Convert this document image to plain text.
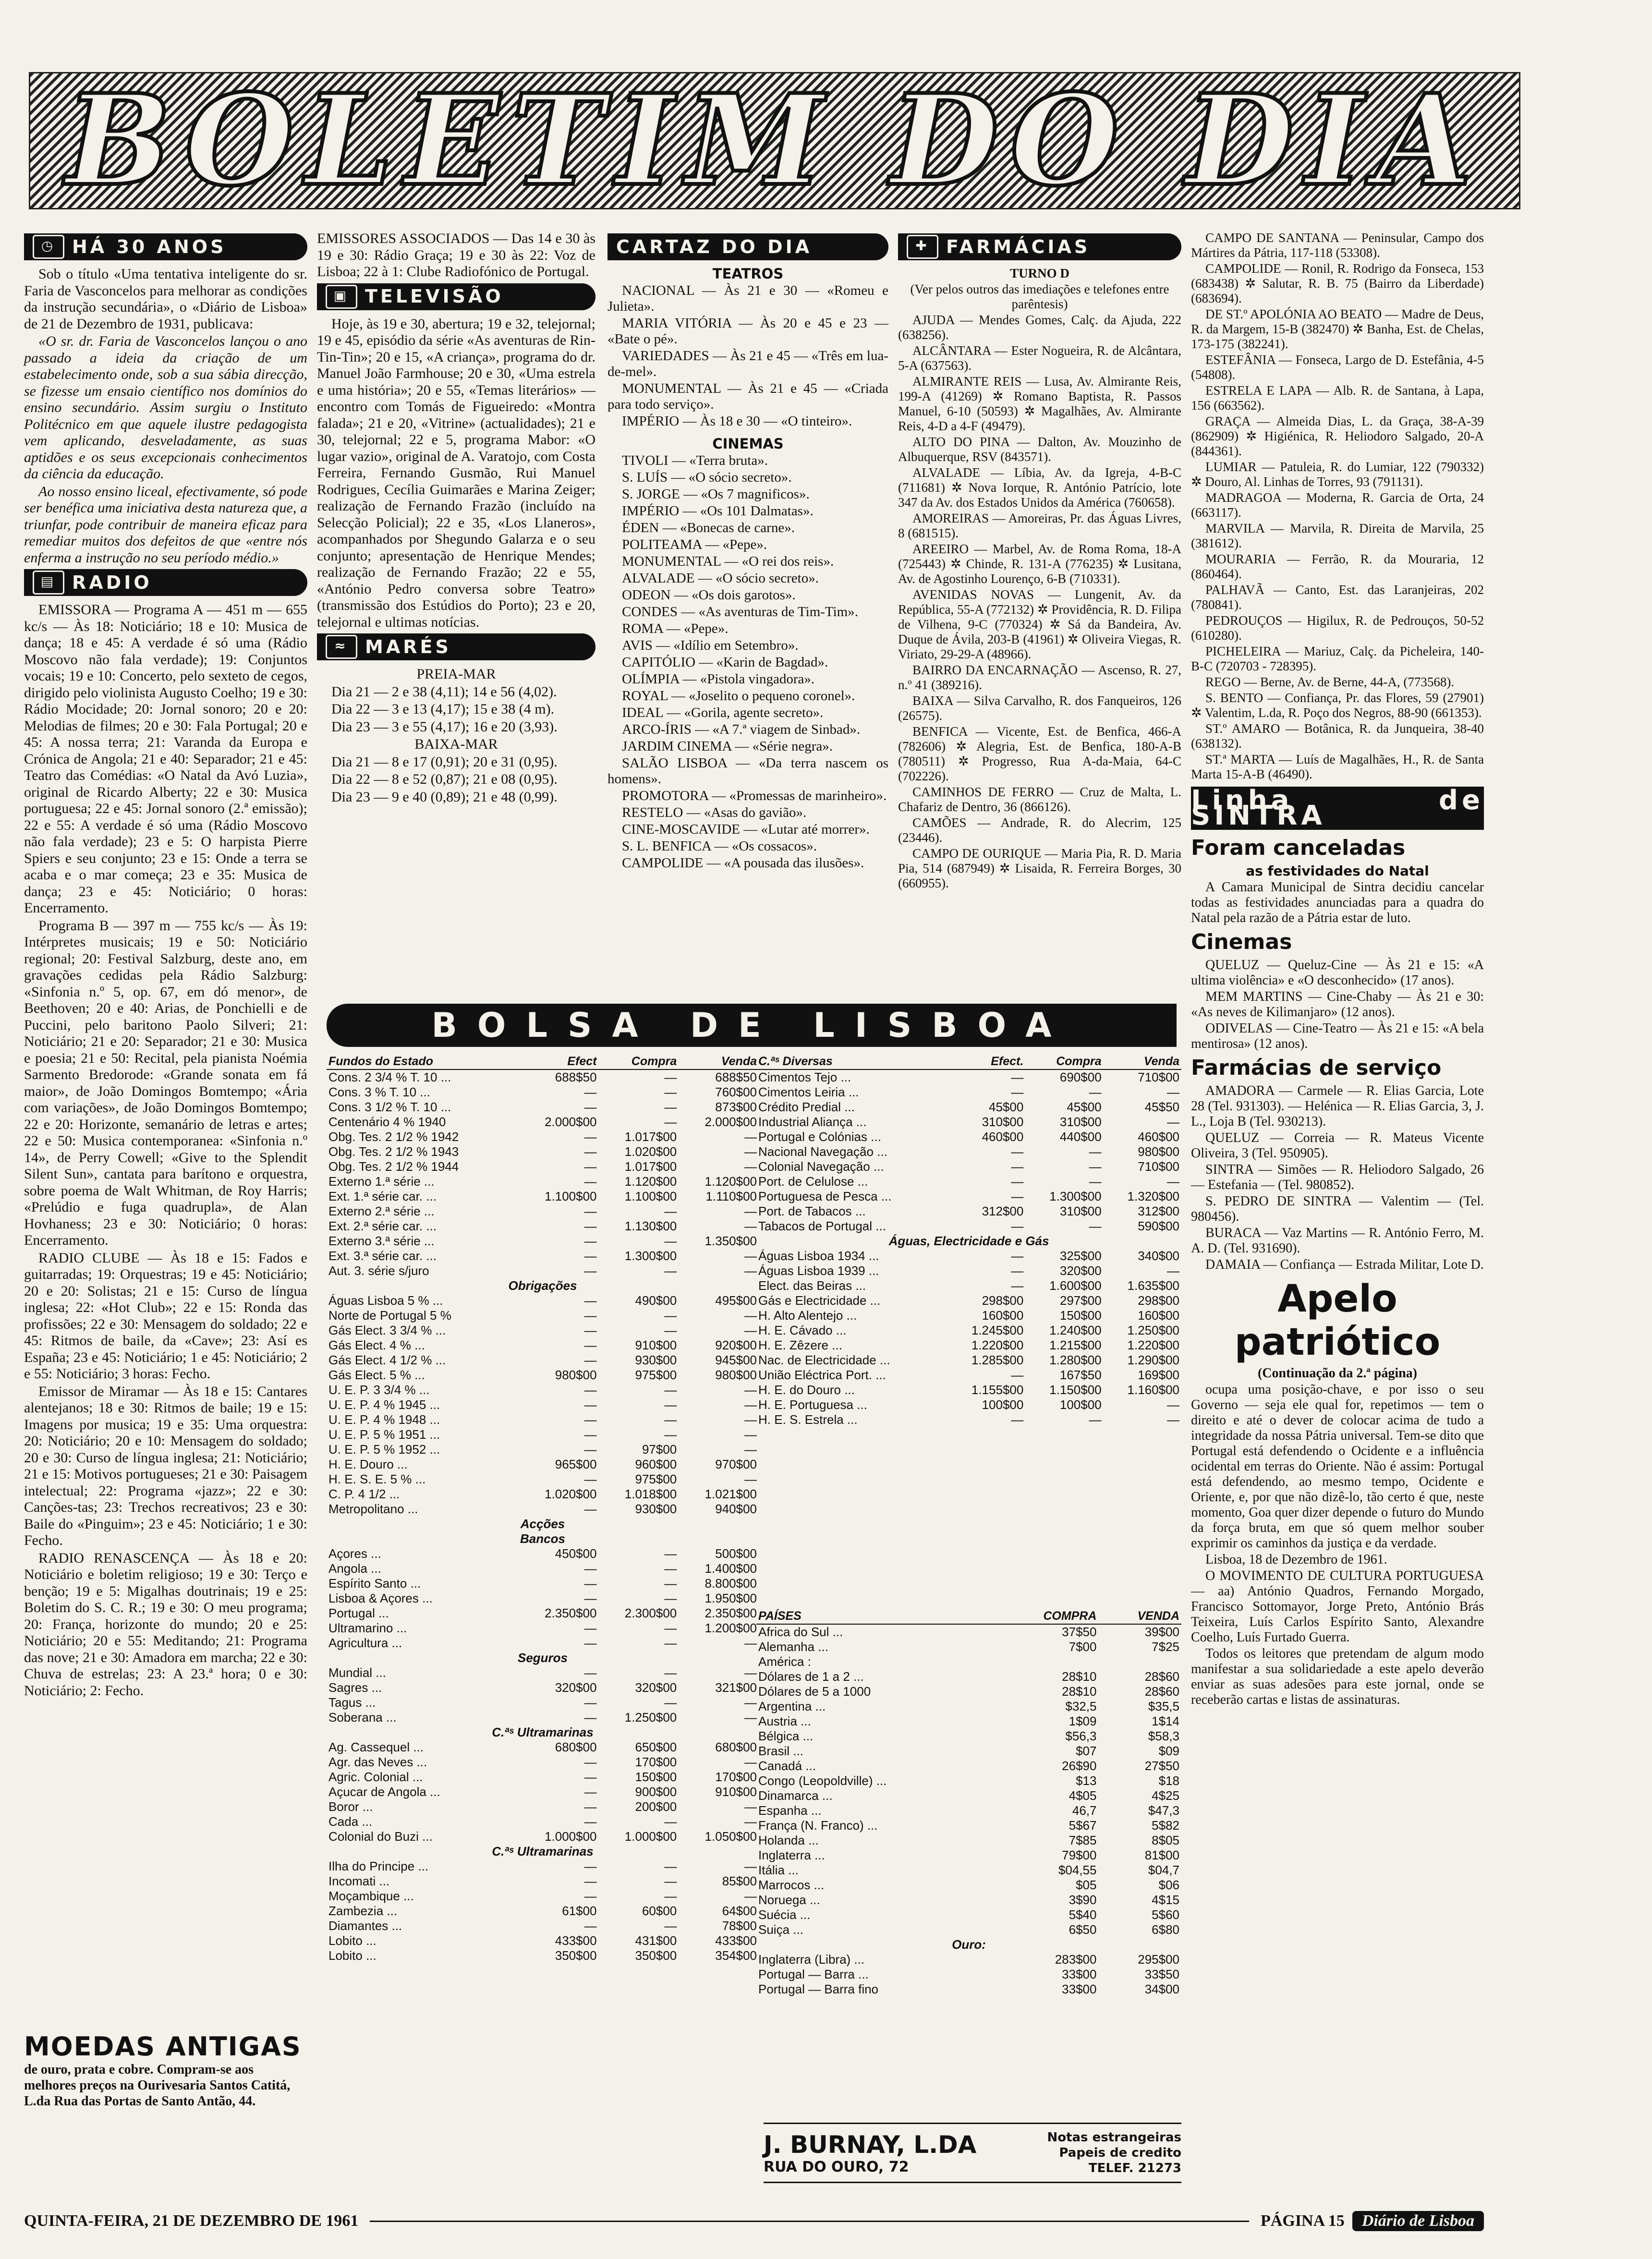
BOLETIM DO DIA
◷ HÁ 30 ANOS

Sob o título «Uma tentativa inteligente do sr. Faria de Vasconcelos para melhorar as condições da instrução secundária», o «Diário de Lisboa» de 21 de Dezembro de 1931, publicava:

«O sr. dr. Faria de Vasconcelos lançou o ano passado a ideia da criação de um estabelecimento onde, sob a sua sábia direcção, se fizesse um ensaio científico nos domínios do ensino secundário. Assim surgiu o Instituto Politécnico em que aquele ilustre pedagogista vem aplicando, desveladamente, as suas aptidões e os seus excepcionais conhecimentos da ciência da educação.

Ao nosso ensino liceal, efectivamente, só pode ser benéfica uma iniciativa desta natureza que, a triunfar, pode contribuir de maneira eficaz para remediar muitos dos defeitos de que «entre nós enferma a instrução no seu período médio.»

▤ RADIO

EMISSORA — Programa A — 451 m — 655 kc/s — Às 18: Noticiário; 18 e 10: Musica de dança; 18 e 45: A verdade é só uma (Rádio Moscovo não fala verdade); 19: Conjuntos vocais; 19 e 10: Concerto, pelo sexteto de cegos, dirigido pelo violinista Augusto Coelho; 19 e 30: Rádio Mocidade; 20: Jornal sonoro; 20 e 20: Melodias de filmes; 20 e 30: Fala Portugal; 20 e 45: A nossa terra; 21: Varanda da Europa e Crónica de Angola; 21 e 40: Separador; 21 e 45: Teatro das Comédias: «O Natal da Avó Luzia», original de Ricardo Alberty; 22 e 30: Musica portuguesa; 22 e 45: Jornal sonoro (2.ª emissão); 22 e 55: A verdade é só uma (Rádio Moscovo não fala verdade); 23 e 5: O harpista Pierre Spiers e seu conjunto; 23 e 15: Onde a terra se acaba e o mar começa; 23 e 35: Musica de dança; 23 e 45: Noticiário; 0 horas: Encerramento.

Programa B — 397 m — 755 kc/s — Às 19: Intérpretes musicais; 19 e 50: Noticiário regional; 20: Festival Salzburg, deste ano, em gravações cedidas pela Rádio Salzburg: «Sinfonia n.º 5, op. 67, em dó menor», de Beethoven; 20 e 40: Arias, de Ponchielli e de Puccini, pelo baritono Paolo Silveri; 21: Noticiário; 21 e 20: Separador; 21 e 30: Musica e poesia; 21 e 50: Recital, pela pianista Noémia Sarmento Bredorode: «Grande sonata em fá maior», de João Domingos Bomtempo; «Ária com variações», de João Domingos Bomtempo; 22 e 20: Horizonte, semanário de letras e artes; 22 e 50: Musica contemporanea: «Sinfonia n.º 14», de Perry Cowell; «Give to the Splendit Silent Sun», cantata para barítono e orquestra, sobre poema de Walt Whitman, de Roy Harris; «Prelúdio e fuga quadrupla», de Alan Hovhaness; 23 e 30: Noticiário; 0 horas: Encerramento.

RADIO CLUBE — Às 18 e 15: Fados e guitarradas; 19: Orquestras; 19 e 45: Noticiário; 20 e 20: Solistas; 21 e 15: Curso de língua inglesa; 22: «Hot Club»; 22 e 15: Ronda das profissões; 22 e 30: Mensagem do soldado; 22 e 45: Ritmos de baile, da «Cave»; 23: Así es España; 23 e 45: Noticiário; 1 e 45: Noticiário; 2 e 55: Noticiário; 3 horas: Fecho.

Emissor de Miramar — Às 18 e 15: Cantares alentejanos; 18 e 30: Ritmos de baile; 19 e 15: Imagens por musica; 19 e 35: Uma orquestra: 20: Noticiário; 20 e 10: Mensagem do soldado; 20 e 30: Curso de língua inglesa; 21: Noticiário; 21 e 15: Motivos portugueses; 21 e 30: Paisagem intelectual; 22: Programa «jazz»; 22 e 30: Canções-tas; 23: Trechos recreativos; 23 e 30: Baile do «Pinguim»; 23 e 45: Noticiário; 1 e 30: Fecho.

RADIO RENASCENÇA — Às 18 e 20: Noticiário e boletim religioso; 19 e 30: Terço e benção; 19 e 5: Migalhas doutrinais; 19 e 25: Boletim do S. C. R.; 19 e 30: O meu programa; 20: França, horizonte do mundo; 20 e 25: Noticiário; 20 e 55: Meditando; 21: Programa das nove; 21 e 30: Amadora em marcha; 22 e 30: Chuva de estrelas; 23: A 23.ª hora; 0 e 30: Noticiário; 2: Fecho.

MOEDAS ANTIGAS
de ouro, prata e cobre. Compram-se aos melhores preços na Ourivesaria Santos Catitá, L.da Rua das Portas de Santo Antão, 44.

EMISSORES ASSOCIADOS — Das 14 e 30 às 19 e 30: Rádio Graça; 19 e 30 às 22: Voz de Lisboa; 22 à 1: Clube Radiofónico de Portugal.

▣ TELEVISÃO

Hoje, às 19 e 30, abertura; 19 e 32, telejornal; 19 e 45, episódio da série «As aventuras de Rin-Tin-Tin»; 20 e 15, «A criança», programa do dr. Manuel João Farmhouse; 20 e 30, «Uma estrela e uma história»; 20 e 55, «Temas literários» — encontro com Tomás de Figueiredo: «Montra falada»; 21 e 20, «Vitrine» (actualidades); 21 e 30, telejornal; 22 e 5, programa Mabor: «O lugar vazio», original de A. Varatojo, com Costa Ferreira, Fernando Gusmão, Rui Manuel Rodrigues, Cecília Guimarães e Marina Zeiger; realização de Fernando Frazão (incluído na Selecção Policial); 22 e 35, «Los Llaneros», acompanhados por Shegundo Galarza e o seu conjunto; apresentação de Henrique Mendes; realização de Fernando Frazão; 22 e 55, «António Pedro conversa sobre Teatro» (transmissão dos Estúdios do Porto); 23 e 20, telejornal e ultimas notícias.

≈ MARÉS

PREIA-MAR

Dia 21 — 2 e 38 (4,11); 14 e 56 (4,02).

Dia 22 — 3 e 13 (4,17); 15 e 38 (4 m).

Dia 23 — 3 e 55 (4,17); 16 e 20 (3,93).

BAIXA-MAR

Dia 21 — 8 e 17 (0,91); 20 e 31 (0,95).

Dia 22 — 8 e 52 (0,87); 21 e 08 (0,95).

Dia 23 — 9 e 40 (0,89); 21 e 48 (0,99).

CARTAZ DO DIA

TEATROS

NACIONAL — Às 21 e 30 — «Romeu e Julieta».

MARIA VITÓRIA — Às 20 e 45 e 23 — «Bate o pé».

VARIEDADES — Às 21 e 45 — «Três em lua-de-mel».

MONUMENTAL — Às 21 e 45 — «Criada para todo serviço».

IMPÉRIO — Às 18 e 30 — «O tinteiro».

CINEMAS

TIVOLI — «Terra bruta».

S. LUÍS — «O sócio secreto».

S. JORGE — «Os 7 magnificos».

IMPÉRIO — «Os 101 Dalmatas».

ÉDEN — «Bonecas de carne».

POLITEAMA — «Pepe».

MONUMENTAL — «O rei dos reis».

ALVALADE — «O sócio secreto».

ODEON — «Os dois garotos».

CONDES — «As aventuras de Tim-Tim».

ROMA — «Pepe».

AVIS — «Idílio em Setembro».

CAPITÓLIO — «Karin de Bagdad».

OLÍMPIA — «Pistola vingadora».

ROYAL — «Joselito o pequeno coronel».

IDEAL — «Gorila, agente secreto».

ARCO-ÍRIS — «A 7.ª viagem de Sinbad».

JARDIM CINEMA — «Série negra».

SALÃO LISBOA — «Da terra nascem os homens».

PROMOTORA — «Promessas de marinheiro».

RESTELO — «Asas do gavião».

CINE-MOSCAVIDE — «Lutar até morrer».

S. L. BENFICA — «Os cossacos».

CAMPOLIDE — «A pousada das ilusões».

✚ FARMÁCIAS

TURNO D

(Ver pelos outros das imediações e telefones entre parêntesis)

AJUDA — Mendes Gomes, Calç. da Ajuda, 222 (638256).

ALCÂNTARA — Ester Nogueira, R. de Alcântara, 5-A (637563).

ALMIRANTE REIS — Lusa, Av. Almirante Reis, 199-A (41269) ✲ Romano Baptista, R. Passos Manuel, 6-10 (50593) ✲ Magalhães, Av. Almirante Reis, 4-D a 4-F (49479).

ALTO DO PINA — Dalton, Av. Mouzinho de Albuquerque, RSV (843571).

ALVALADE — Líbia, Av. da Igreja, 4-B-C (711681) ✲ Nova Iorque, R. António Patrício, lote 347 da Av. dos Estados Unidos da América (760658).

AMOREIRAS — Amoreiras, Pr. das Águas Livres, 8 (681515).

AREEIRO — Marbel, Av. de Roma Roma, 18-A (725443) ✲ Chinde, R. 131-A (776235) ✲ Lusitana, Av. de Agostinho Lourenço, 6-B (710331).

AVENIDAS NOVAS — Lungenit, Av. da República, 55-A (772132) ✲ Providência, R. D. Filipa de Vilhena, 9-C (770324) ✲ Sá da Bandeira, Av. Duque de Ávila, 203-B (41961) ✲ Oliveira Viegas, R. Viriato, 29-29-A (48966).

BAIRRO DA ENCARNAÇÃO — Ascenso, R. 27, n.º 41 (389216).

BAIXA — Silva Carvalho, R. dos Fanqueiros, 126 (26575).

BENFICA — Vicente, Est. de Benfica, 466-A (782606) ✲ Alegria, Est. de Benfica, 180-A-B (780511) ✲ Progresso, Rua A-da-Maia, 64-C (702226).

CAMINHOS DE FERRO — Cruz de Malta, L. Chafariz de Dentro, 36 (866126).

CAMÕES — Andrade, R. do Alecrim, 125 (23446).

CAMPO DE OURIQUE — Maria Pia, R. D. Maria Pia, 514 (687949) ✲ Lisaida, R. Ferreira Borges, 30 (660955).

CAMPO DE SANTANA — Peninsular, Campo dos Mártires da Pátria, 117-118 (53308).

CAMPOLIDE — Ronil, R. Rodrigo da Fonseca, 153 (683438) ✲ Salutar, R. B. 75 (Bairro da Liberdade) (683694).

DE ST.º APOLÓNIA AO BEATO — Madre de Deus, R. da Margem, 15-B (382470) ✲ Banha, Est. de Chelas, 173-175 (382241).

ESTEFÂNIA — Fonseca, Largo de D. Estefânia, 4-5 (54808).

ESTRELA E LAPA — Alb. R. de Santana, à Lapa, 156 (663562).

GRAÇA — Almeida Dias, L. da Graça, 38-A-39 (862909) ✲ Higiénica, R. Heliodoro Salgado, 20-A (844361).

LUMIAR — Patuleia, R. do Lumiar, 122 (790332) ✲ Douro, Al. Linhas de Torres, 93 (791131).

MADRAGOA — Moderna, R. Garcia de Orta, 24 (663117).

MARVILA — Marvila, R. Direita de Marvila, 25 (381612).

MOURARIA — Ferrão, R. da Mouraria, 12 (860464).

PALHAVÃ — Canto, Est. das Laranjeiras, 202 (780841).

PEDROUÇOS — Higilux, R. de Pedrouços, 50-52 (610280).

PICHELEIRA — Mariuz, Calç. da Picheleira, 140-B-C (720703 - 728395).

REGO — Berne, Av. de Berne, 44-A, (773568).

S. BENTO — Confiança, Pr. das Flores, 59 (27901) ✲ Valentim, L.da, R. Poço dos Negros, 88-90 (661353).

ST.º AMARO — Botânica, R. da Junqueira, 38-40 (638132).

ST.ª MARTA — Luís de Magalhães, H., R. de Santa Marta 15-A-B (46490).

Linha de SINTRA
Foram canceladas

as festividades do Natal

A Camara Municipal de Sintra decidiu cancelar todas as festividades anunciadas para a quadra do Natal pela razão de a Pátria estar de luto.

Cinemas

QUELUZ — Queluz-Cine — Às 21 e 15: «A ultima violência» e «O desconhecido» (17 anos).

MEM MARTINS — Cine-Chaby — Às 21 e 30: «As neves de Kilimanjaro» (12 anos).

ODIVELAS — Cine-Teatro — Às 21 e 15: «A bela mentirosa» (12 anos).

Farmácias de serviço

AMADORA — Carmele — R. Elias Garcia, Lote 28 (Tel. 931303). — Helénica — R. Elias Garcia, 3, J. L., Loja B (Tel. 930213).

QUELUZ — Correia — R. Mateus Vicente Oliveira, 3 (Tel. 950905).

SINTRA — Simões — R. Heliodoro Salgado, 26 — Estefania — (Tel. 980852).

S. PEDRO DE SINTRA — Valentim — (Tel. 980456).

BURACA — Vaz Martins — R. António Ferro, M. A. D. (Tel. 931690).

DAMAIA — Confiança — Estrada Militar, Lote D.

Apelo patriótico

(Continuação da 2.ª página)

ocupa uma posição-chave, e por isso o seu Governo — seja ele qual for, repetimos — tem o direito e até o dever de colocar acima de tudo a integridade da nossa Pátria universal. Tem-se dito que Portugal está defendendo o Ocidente e a influência ocidental em terras do Oriente. Não é assim: Portugal está defendendo, ao mesmo tempo, Ocidente e Oriente, e, por que não dizê-lo, tão certo é que, neste momento, Goa quer dizer depende o futuro do Mundo da força bruta, em que só quem melhor souber exprimir os caminhos da justiça e da verdade.

Lisboa, 18 de Dezembro de 1961.

O MOVIMENTO DE CULTURA PORTUGUESA — aa) António Quadros, Fernando Morgado, Francisco Sottomayor, Jorge Preto, António Brás Teixeira, Luís Carlos Espírito Santo, Alexandre Coelho, Luís Furtado Guerra.

Todos os leitores que pretendam de algum modo manifestar a sua solidariedade a este apelo deverão enviar as suas adesões para este jornal, onde se receberão cartas e listas de assinaturas.

BOLSA DE LISBOA
Fundos do Estado	Efect	Compra	Venda
Cons. 2 3/4 % T. 10 ...	688$50	—	688$50
Cons. 3 % T. 10 ...	—	—	760$00
Cons. 3 1/2 % T. 10 ...	—	—	873$00
Centenário 4 % 1940	2.000$00	—	2.000$00
Obg. Tes. 2 1/2 % 1942	—	1.017$00	—
Obg. Tes. 2 1/2 % 1943	—	1.020$00	—
Obg. Tes. 2 1/2 % 1944	—	1.017$00	—
Externo 1.ª série ...	—	1.120$00	1.120$00
Ext. 1.ª série car. ...	1.100$00	1.100$00	1.110$00
Externo 2.ª série ...	—	—	—
Ext. 2.ª série car. ...	—	1.130$00	—
Externo 3.ª série ...	—	—	1.350$00
Ext. 3.ª série car. ...	—	1.300$00	—
Aut. 3. série s/juro	—	—	—
Obrigações			
Águas Lisboa 5 % ...	—	490$00	495$00
Norte de Portugal 5 %	—	—	—
Gás Elect. 3 3/4 % ...	—	—	—
Gás Elect. 4 % ...	—	910$00	920$00
Gás Elect. 4 1/2 % ...	—	930$00	945$00
Gás Elect. 5 % ...	980$00	975$00	980$00
U. E. P. 3 3/4 % ...	—	—	—
U. E. P. 4 % 1945 ...	—	—	—
U. E. P. 4 % 1948 ...	—	—	—
U. E. P. 5 % 1951 ...	—	—	—
U. E. P. 5 % 1952 ...	—	97$00	—
H. E. Douro ...	965$00	960$00	970$00
H. E. S. E. 5 % ...	—	975$00	—
C. P. 4 1/2 ...	1.020$00	1.018$00	1.021$00
Metropolitano ...	—	930$00	940$00
Acções			
Bancos			
Açores ...	450$00	—	500$00
Angola ...	—	—	1.400$00
Espírito Santo ...	—	—	8.800$00
Lisboa & Açores ...	—	—	1.950$00
Portugal ...	2.350$00	2.300$00	2.350$00
Ultramarino ...	—	—	1.200$00
Agricultura ...	—	—	—
Seguros			
Mundial ...	—	—	—
Sagres ...	320$00	320$00	321$00
Tagus ...	—	—	—
Soberana ...	—	1.250$00	—
C.ªˢ Ultramarinas			
Ag. Cassequel ...	680$00	650$00	680$00
Agr. das Neves ...	—	170$00	—
Agric. Colonial ...	—	150$00	170$00
Açucar de Angola ...	—	900$00	910$00
Boror ...	—	200$00	—
Cada ...	—	—	—
Colonial do Buzi ...	1.000$00	1.000$00	1.050$00
C.ªˢ Ultramarinas			
Ilha do Principe ...	—	—	—
Incomati ...	—	—	85$00
Moçambique ...	—	—	—
Zambezia ...	61$00	60$00	64$00
Diamantes ...	—	—	78$00
Lobito ...	433$00	431$00	433$00
Lobito ...	350$00	350$00	354$00
C.ªˢ Diversas	Efect.	Compra	Venda
Cimentos Tejo ...	—	690$00	710$00
Cimentos Leiria ...	—	—	—
Crédito Predial ...	45$00	45$00	45$50
Industrial Aliança ...	310$00	310$00	—
Portugal e Colónias ...	460$00	440$00	460$00
Nacional Navegação ...	—	—	980$00
Colonial Navegação ...	—	—	710$00
Port. de Celulose ...	—	—	—
Portuguesa de Pesca ...	—	1.300$00	1.320$00
Port. de Tabacos ...	312$00	310$00	312$00
Tabacos de Portugal ...	—	—	590$00
Águas, Electricidade e Gás			
Águas Lisboa 1934 ...	—	325$00	340$00
Águas Lisboa 1939 ...	—	320$00	—
Elect. das Beiras ...	—	1.600$00	1.635$00
Gás e Electricidade ...	298$00	297$00	298$00
H. Alto Alentejo ...	160$00	150$00	160$00
H. E. Cávado ...	1.245$00	1.240$00	1.250$00
H. E. Zêzere ...	1.220$00	1.215$00	1.220$00
Nac. de Electricidade ...	1.285$00	1.280$00	1.290$00
União Eléctrica Port. ...	—	167$50	169$00
H. E. do Douro ...	1.155$00	1.150$00	1.160$00
H. E. Portuguesa ...	100$00	100$00	—
H. E. S. Estrela ...	—	—	—
PAÍSES	COMPRA	VENDA
Africa do Sul ...	37$50	39$00
Alemanha ...	7$00	7$25
América :		
Dólares de 1 a 2 ...	28$10	28$60
Dólares de 5 a 1000	28$10	28$60
Argentina ...	$32,5	$35,5
Austria ...	1$09	1$14
Bélgica ...	$56,3	$58,3
Brasil ...	$07	$09
Canadá ...	26$90	27$50
Congo (Leopoldville) ...	$13	$18
Dinamarca ...	4$05	4$25
Espanha ...	46,7	$47,3
França (N. Franco) ...	5$67	5$82
Holanda ...	7$85	8$05
Inglaterra ...	79$00	81$00
Itália ...	$04,55	$04,7
Marrocos ...	$05	$06
Noruega ...	3$90	4$15
Suécia ...	5$40	5$60
Suiça ...	6$50	6$80
Ouro:		
Inglaterra (Libra) ...	283$00	295$00
Portugal — Barra ...	33$00	33$50
Portugal — Barra fino	33$00	34$00
J. BURNAY, L.DA
RUA DO OURO, 72
Notas estrangeiras
Papeis de credito
TELEF. 21273
QUINTA-FEIRA, 21 DE DEZEMBRO DE 1961	PÁGINA 15	Diário de Lisboa
